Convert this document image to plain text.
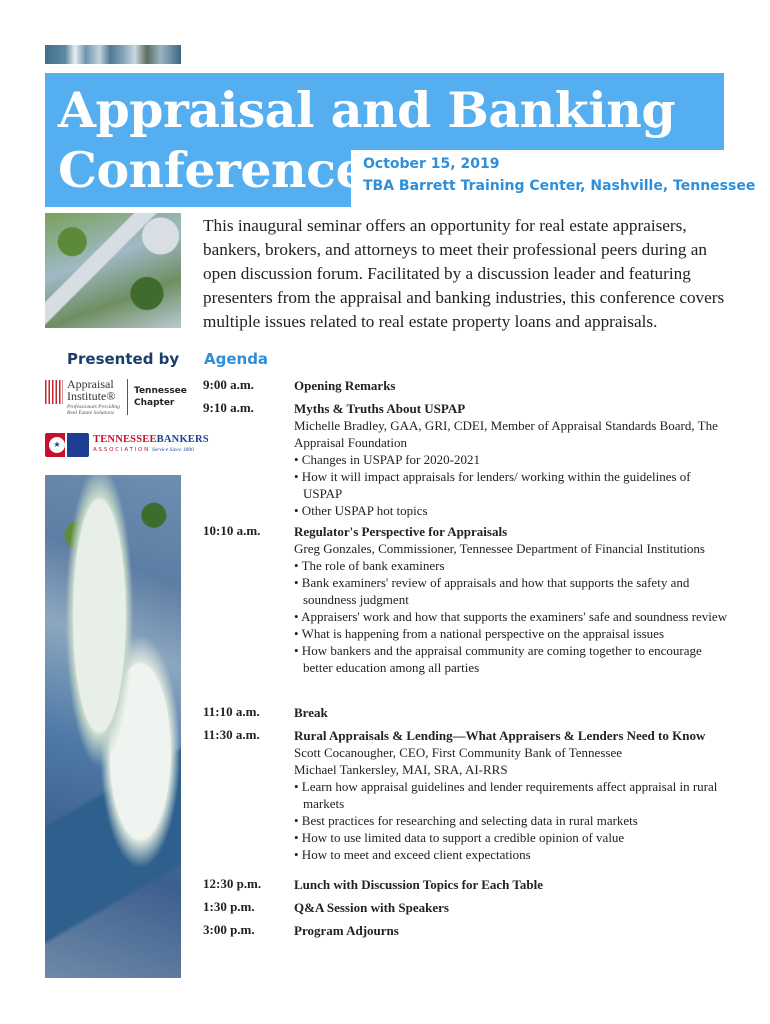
Appraisal and Banking
Conference
October 15, 2019
TBA Barrett Training Center, Nashville, Tennessee
This inaugural seminar offers an opportunity for real estate appraisers, bankers, brokers, and attorneys to meet their professional peers during an open discussion forum. Facilitated by a discussion leader and featuring presenters from the appraisal and banking industries, this conference covers multiple issues related to real estate property loans and appraisals.
Presented by
Appraisal
Institute®
Professionals Providing Real Estate Solutions
Tennessee Chapter
★	TENNESSEEBANKERS
ASSOCIATION Service Since 1890
Agenda
9:00 a.m.	Opening Remarks
9:10 a.m.	Myths & Truths About USPAP
Michelle Bradley, GAA, GRI, CDEI, Member of Appraisal Standards Board, The Appraisal Foundation
• Changes in USPAP for 2020-2021
• How it will impact appraisals for lenders/ working within the guidelines of USPAP
• Other USPAP hot topics
10:10 a.m.	Regulator's Perspective for Appraisals
Greg Gonzales, Commissioner, Tennessee Department of Financial Institutions
• The role of bank examiners
• Bank examiners' review of appraisals and how that supports the safety and soundness judgment
• Appraisers' work and how that supports the examiners' safe and soundness review
• What is happening from a national perspective on the appraisal issues
• How bankers and the appraisal community are coming together to encourage better education among all parties
11:10 a.m.	Break
11:30 a.m.	Rural Appraisals & Lending—What Appraisers & Lenders Need to Know
Scott Cocanougher, CEO, First Community Bank of Tennessee
Michael Tankersley, MAI, SRA, AI-RRS
• Learn how appraisal guidelines and lender requirements affect appraisal in rural markets
• Best practices for researching and selecting data in rural markets
• How to use limited data to support a credible opinion of value
• How to meet and exceed client expectations
12:30 p.m.	Lunch with Discussion Topics for Each Table
1:30 p.m.	Q&A Session with Speakers
3:00 p.m.	Program Adjourns
